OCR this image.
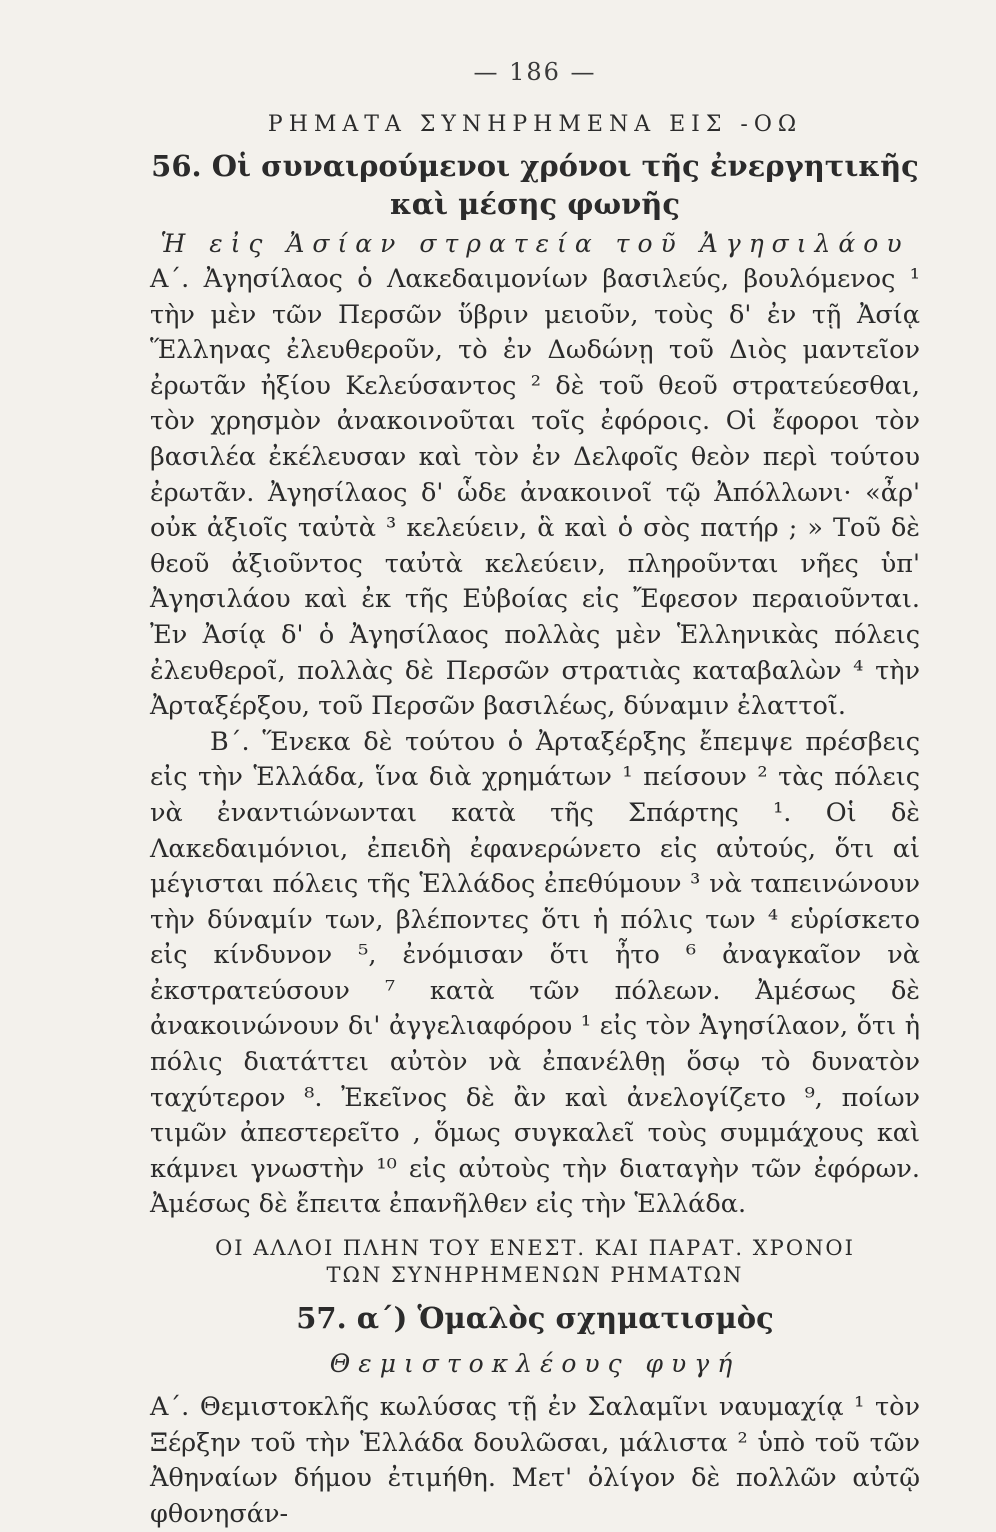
— 186 —
ΡΗΜΑΤΑ ΣΥΝΗΡΗΜΕΝΑ ΕΙΣ -ΟΩ

56. Οἱ συναιρούμενοι χρόνοι τῆς ἐνεργητικῆς

καὶ μέσης φωνῆς

Ἡ εἰς Ἀσίαν στρατεία τοῦ Ἀγησιλάου

Α΄. Ἀγησίλαος ὁ Λακεδαιμονίων βασιλεύς, βουλόμενος ¹ τὴν μὲν τῶν Περσῶν ὕβριν μειοῦν, τοὺς δ' ἐν τῇ Ἀσίᾳ Ἕλληνας ἐλευθεροῦν, τὸ ἐν Δωδώνῃ τοῦ Διὸς μαντεῖον ἐρωτᾶν ἠξίου Κελεύσαντος ² δὲ τοῦ θεοῦ στρατεύεσθαι, τὸν χρησμὸν ἀνακοινοῦται τοῖς ἐφόροις. Οἱ ἔφοροι τὸν βασιλέα ἐκέλευσαν καὶ τὸν ἐν Δελφοῖς θεὸν περὶ τούτου ἐρωτᾶν. Ἀγησίλαος δ' ὧδε ἀνακοινοῖ τῷ Ἀπόλλωνι· «ἆρ' οὐκ ἀξιοῖς ταὐτὰ ³ κελεύειν, ἃ καὶ ὁ σὸς πατήρ ; » Τοῦ δὲ θεοῦ ἀξιοῦντος ταὐτὰ κελεύειν, πληροῦνται νῆες ὑπ' Ἀγησιλάου καὶ ἐκ τῆς Εὐβοίας εἰς Ἔφεσον περαιοῦνται. Ἐν Ἀσίᾳ δ' ὁ Ἀγησίλαος πολλὰς μὲν Ἑλληνικὰς πόλεις ἐλευθεροῖ, πολλὰς δὲ Περσῶν στρατιὰς καταβαλὼν ⁴ τὴν Ἀρταξέρξου, τοῦ Περσῶν βασιλέως, δύναμιν ἐλαττοῖ.

Β΄. Ἕνεκα δὲ τούτου ὁ Ἀρταξέρξης ἔπεμψε πρέσβεις εἰς τὴν Ἑλλάδα, ἵνα διὰ χρημάτων ¹ πείσουν ² τὰς πόλεις νὰ ἐναντιώνωνται κατὰ τῆς Σπάρτης ¹. Οἱ δὲ Λακεδαιμόνιοι, ἐπειδὴ ἐφανερώνετο εἰς αὐτούς, ὅτι αἱ μέγισται πόλεις τῆς Ἑλλάδος ἐπεθύμουν ³ νὰ ταπεινώνουν τὴν δύναμίν των, βλέποντες ὅτι ἡ πόλις των ⁴ εὑρίσκετο εἰς κίνδυνον ⁵, ἐνόμισαν ὅτι ἦτο ⁶ ἀναγκαῖον νὰ ἐκστρατεύσουν ⁷ κατὰ τῶν πόλεων. Ἀμέσως δὲ ἀνακοινώνουν δι' ἀγγελιαφόρου ¹ εἰς τὸν Ἀγησίλαον, ὅτι ἡ πόλις διατάττει αὐτὸν νὰ ἐπανέλθῃ ὅσῳ τὸ δυνατὸν ταχύτερον ⁸. Ἐκεῖνος δὲ ἂν καὶ ἀνελογίζετο ⁹, ποίων τιμῶν ἀπεστερεῖτο , ὅμως συγκαλεῖ τοὺς συμμάχους καὶ κάμνει γνωστὴν ¹⁰ εἰς αὐτοὺς τὴν διαταγὴν τῶν ἐφόρων. Ἀμέσως δὲ ἔπειτα ἐπανῆλθεν εἰς τὴν Ἑλλάδα.

ΟΙ ΑΛΛΟΙ ΠΛΗΝ ΤΟΥ ΕΝΕΣΤ. ΚΑΙ ΠΑΡΑΤ. ΧΡΟΝΟΙ
ΤΩΝ ΣΥΝΗΡΗΜΕΝΩΝ ΡΗΜΑΤΩΝ
57. α΄) Ὁμαλὸς σχηματισμὸς
Θεμιστοκλέους φυγή

Α΄. Θεμιστοκλῆς κωλύσας τῇ ἐν Σαλαμῖνι ναυμαχίᾳ ¹ τὸν Ξέρξην τοῦ τὴν Ἑλλάδα δουλῶσαι, μάλιστα ² ὑπὸ τοῦ τῶν Ἀθηναίων δήμου ἐτιμήθη. Μετ' ὀλίγον δὲ πολλῶν αὐτῷ φθονησάν-
